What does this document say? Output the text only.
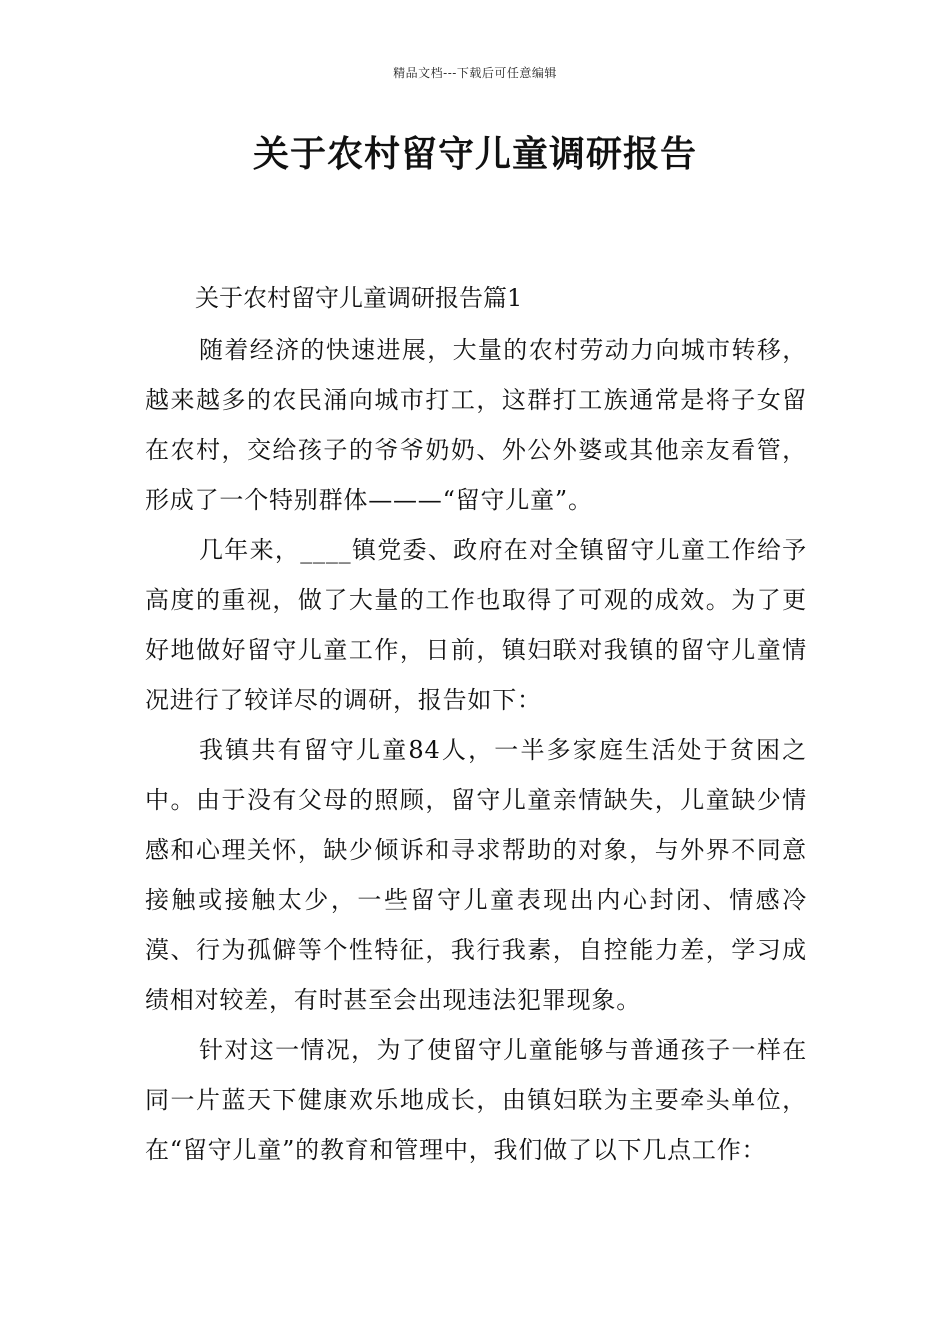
精品文档---下载后可任意编辑
关于农村留守儿童调研报告

关于农村留守儿童调研报告篇1

随着经济的快速进展，大量的农村劳动力向城市转移，越来越多的农民涌向城市打工，这群打工族通常是将子女留在农村，交给孩子的爷爷奶奶、外公外婆或其他亲友看管，形成了一个特别群体———“留守儿童”。

几年来，____镇党委、政府在对全镇留守儿童工作给予高度的重视，做了大量的工作也取得了可观的成效。为了更好地做好留守儿童工作，日前，镇妇联对我镇的留守儿童情况进行了较详尽的调研，报告如下：

我镇共有留守儿童84人，一半多家庭生活处于贫困之中。由于没有父母的照顾，留守儿童亲情缺失，儿童缺少情感和心理关怀，缺少倾诉和寻求帮助的对象，与外界不同意接触或接触太少，一些留守儿童表现出内心封闭、情感冷漠、行为孤僻等个性特征，我行我素，自控能力差，学习成绩相对较差，有时甚至会出现违法犯罪现象。

针对这一情况，为了使留守儿童能够与普通孩子一样在同一片蓝天下健康欢乐地成长，由镇妇联为主要牵头单位，在“留守儿童”的教育和管理中，我们做了以下几点工作：
